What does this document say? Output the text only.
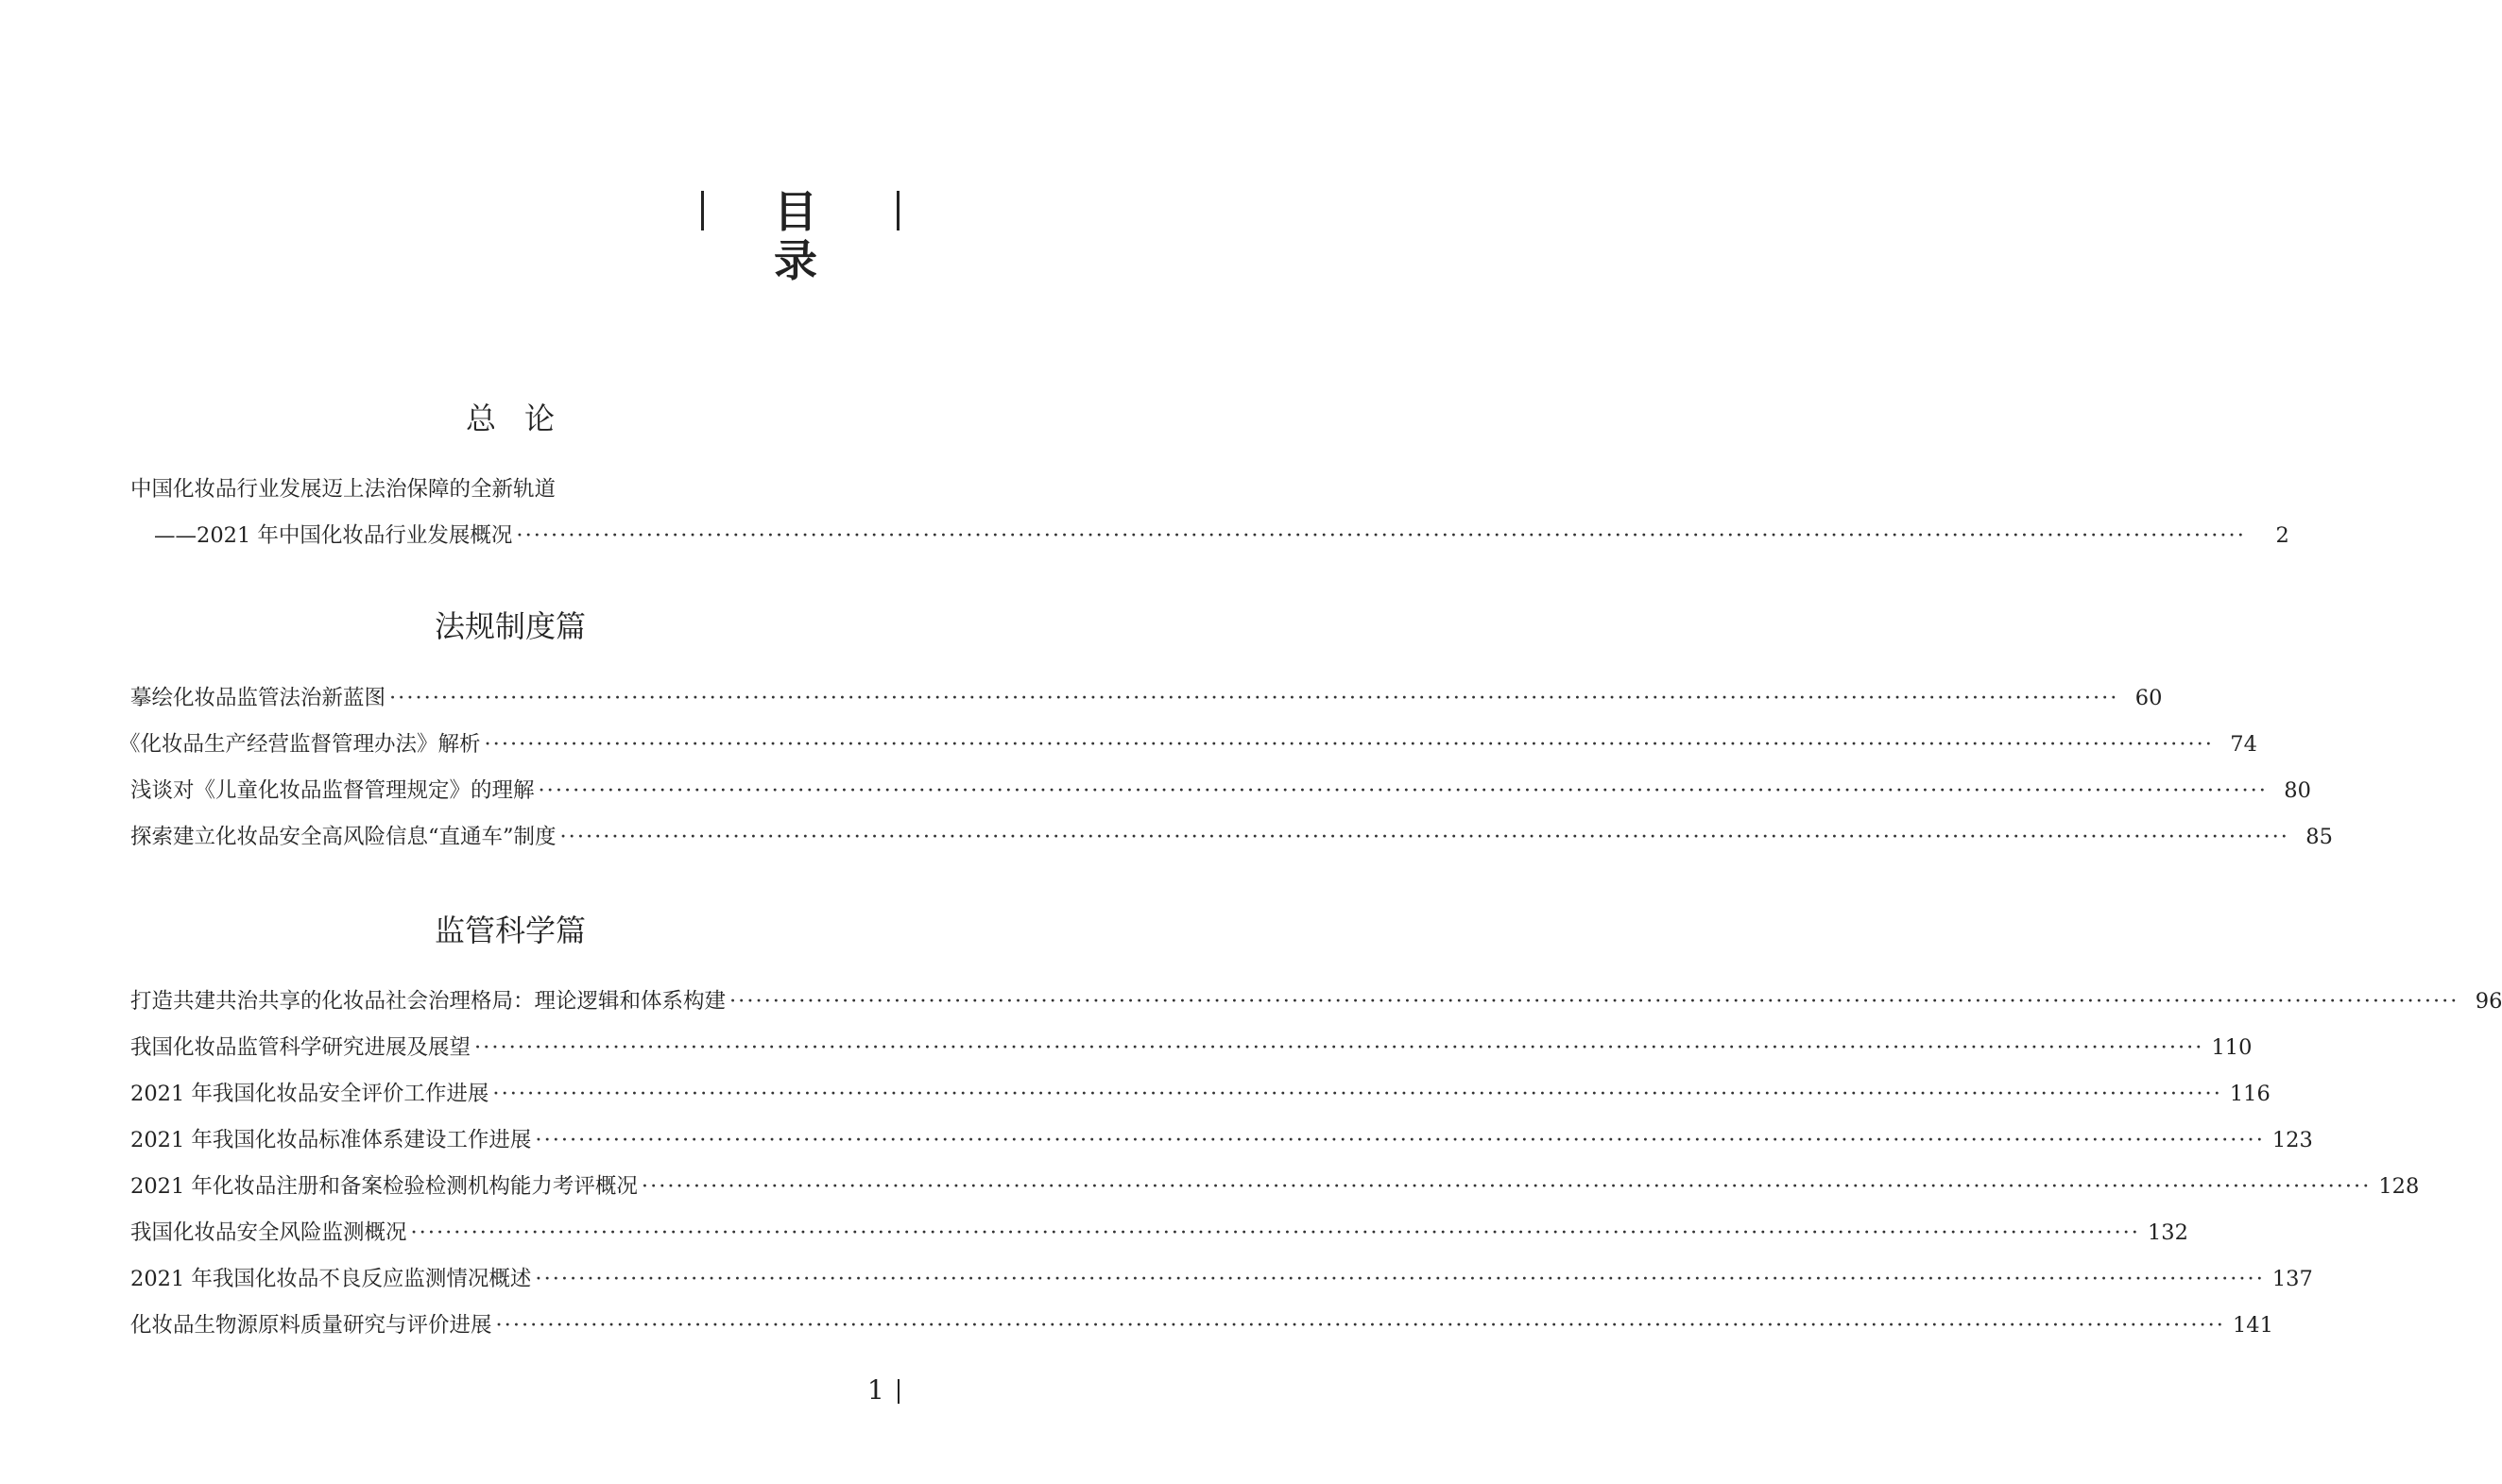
目录
总论
中国化妆品行业发展迈上法治保障的全新轨道
——2021 年中国化妆品行业发展概况 ········································································································································································································	2
法规制度篇
摹绘化妆品监管法治新蓝图 ········································································································································································································ 60
《化妆品生产经营监督管理办法》解析 ········································································································································································································ 74
浅谈对《儿童化妆品监督管理规定》的理解 ········································································································································································································ 80
探索建立化妆品安全高风险信息“直通车”制度 ········································································································································································································ 85
监管科学篇
打造共建共治共享的化妆品社会治理格局：理论逻辑和体系构建 ········································································································································································································ 96
我国化妆品监管科学研究进展及展望 ········································································································································································································ 110
2021 年我国化妆品安全评价工作进展 ········································································································································································································ 116
2021 年我国化妆品标准体系建设工作进展 ········································································································································································································ 123
2021 年化妆品注册和备案检验检测机构能力考评概况 ········································································································································································································ 128
我国化妆品安全风险监测概况 ········································································································································································································ 132
2021 年我国化妆品不良反应监测情况概述 ········································································································································································································ 137
化妆品生物源原料质量研究与评价进展 ········································································································································································································ 141
1
